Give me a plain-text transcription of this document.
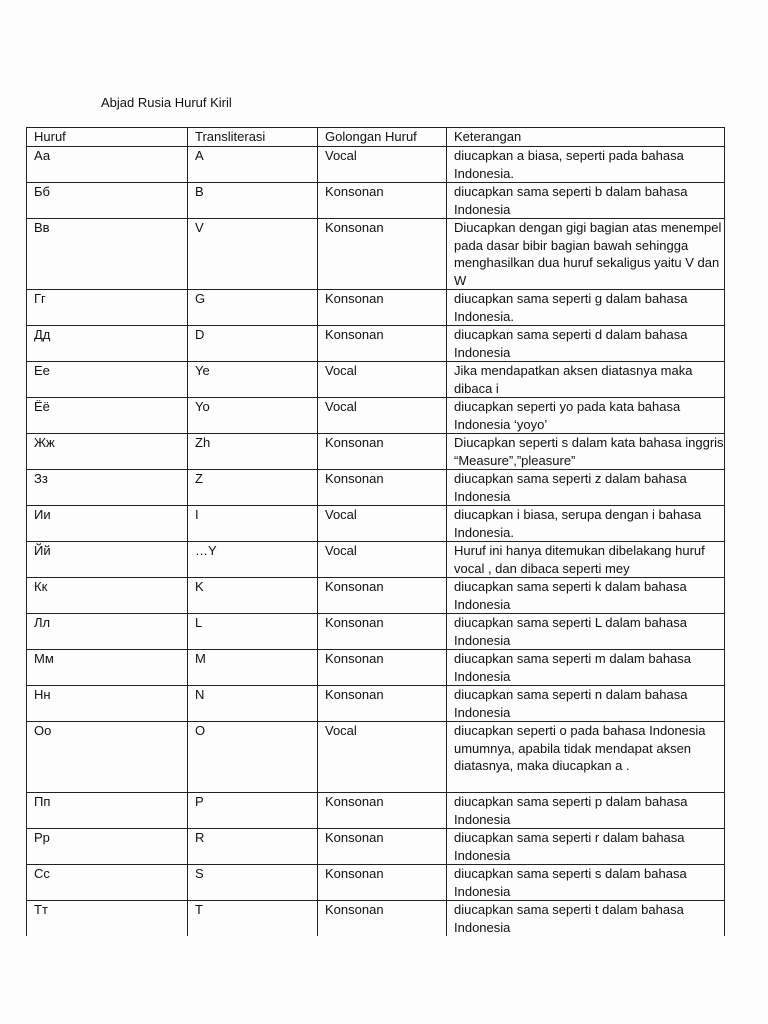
Abjad Rusia Huruf Kiril
Huruf	Transliterasi	Golongan Huruf	Keterangan
Аа	A	Vocal	diucapkan a biasa, seperti pada bahasa Indonesia.
Бб	B	Konsonan	diucapkan sama seperti b dalam bahasa Indonesia
Вв	V	Konsonan	Diucapkan dengan gigi bagian atas menempel pada dasar bibir bagian bawah sehingga menghasilkan dua huruf sekaligus yaitu V dan W
Гг	G	Konsonan	diucapkan sama seperti g dalam bahasa Indonesia.
Дд	D	Konsonan	diucapkan sama seperti d dalam bahasa Indonesia
Ее	Ye	Vocal	Jika mendapatkan aksen diatasnya maka dibaca i
Ёё	Yo	Vocal	diucapkan seperti yo pada kata bahasa Indonesia ‘yoyo’
Жж	Zh	Konsonan	Diucapkan seperti s dalam kata bahasa inggris “Measure”,”pleasure”
Зз	Z	Konsonan	diucapkan sama seperti z dalam bahasa Indonesia
Ии	I	Vocal	diucapkan i biasa, serupa dengan i bahasa Indonesia.
Йй	…Y	Vocal	Huruf ini hanya ditemukan dibelakang huruf vocal , dan dibaca seperti mey
Кк	K	Konsonan	diucapkan sama seperti k dalam bahasa Indonesia
Лл	L	Konsonan	diucapkan sama seperti L dalam bahasa Indonesia
Мм	M	Konsonan	diucapkan sama seperti m dalam bahasa Indonesia
Нн	N	Konsonan	diucapkan sama seperti n dalam bahasa Indonesia
Оо	O	Vocal	diucapkan seperti o pada bahasa Indonesia umumnya, apabila tidak mendapat aksen diatasnya, maka diucapkan a .
Пп	P	Konsonan	diucapkan sama seperti p dalam bahasa Indonesia
Рр	R	Konsonan	diucapkan sama seperti r dalam bahasa Indonesia
Сс	S	Konsonan	diucapkan sama seperti s dalam bahasa Indonesia
Тт	T	Konsonan	diucapkan sama seperti t dalam bahasa Indonesia
